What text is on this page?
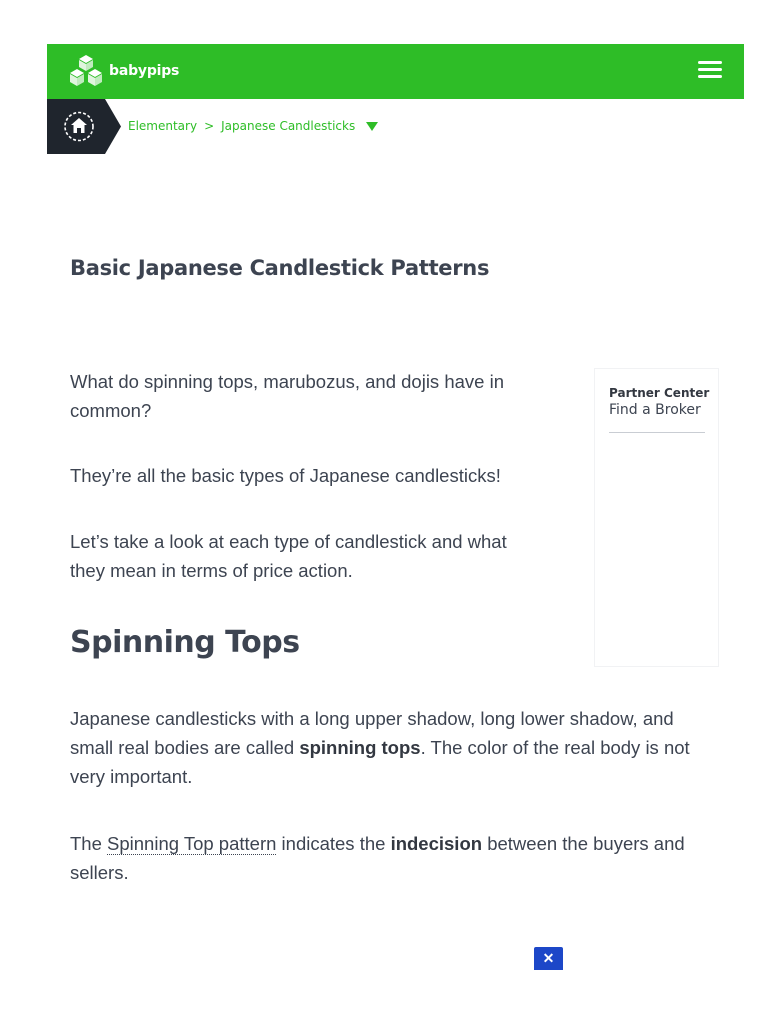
babypips
Elementary > Japanese Candlesticks
Basic Japanese Candlestick Patterns

What do spinning tops, marubozus, and dojis have in common?

They’re all the basic types of Japanese candlesticks!

Let’s take a look at each type of candlestick and what they mean in terms of price action.

Spinning Tops

Japanese candlesticks with a long upper shadow, long lower shadow, and small real bodies are called spinning tops. The color of the real body is not very important.

The Spinning Top pattern indicates the indecision between the buyers and sellers.

Partner Center
Find a Broker
✕
